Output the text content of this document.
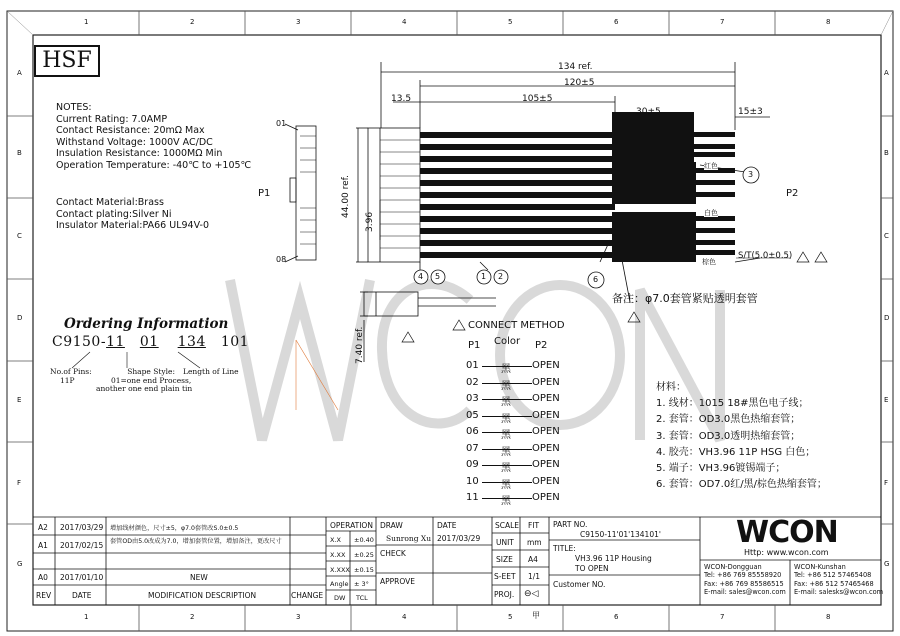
A
B
C
D
E
F
G
A
B
C
D
E
F
G
1	2	3	4	5	6	7	8
1	2	3	4	5	6	7	8
HSF
NOTES:
Current Rating: 7.0AMP
Contact Resistance: 20mΩ Max
Withstand Voltage: 1000V AC/DC
Insulation Resistance: 1000MΩ Min
Operation Temperature: -40℃ to +105℃
Contact Material:Brass
Contact plating:Silver Ni
Insulator Material:PA66 UL94V-0
4 5	1 2
3
6
P1	P2
01
08
134 ref.
120±5
105±5
13.5
30±5	15±3
44.00 ref.
3.96
7.40 ref.
S/T(5.0±0.5)
红色
白色
棕色
备注：φ7.0套管紧贴透明套管
Ordering Information
C9150-11 01 134 101
No.of Pins:
11P
Shape Style:
01=one end Process,
another one end plain tin
Length of Line
CONNECT METHOD
P1 Color P2
01 黑 OPEN
02 黑 OPEN
03 黑 OPEN
05 黑 OPEN
06 黑 OPEN
07 黑 OPEN
09 黑 OPEN
10 黑 OPEN
11 黑 OPEN
材料：
1. 线材：1015 18#黑色电子线；
2. 套管：OD3.0黑色热缩套管；
3. 套管：OD3.0透明热缩套管；
4. 胶壳：VH3.96 11P HSG 白色；
5. 端子：VH3.96镀锡端子；
6. 套管：OD7.0红/黑/棕色热缩套管；
A2 2017/03/29 增加线材颜色，尺寸±5，φ7.0套管改S.0±0.5
A1 2017/02/15 套管OD由5.0改成为7.0，增加套管位置，增加备注，更改尺寸
A0 2017/01/10	NEW
REV	DATE	MODIFICATION DESCRIPTION	CHANGE
OPERATION
X.X ±0.40
X.XX ±0.25
X.XXX ±0.15
Angle ± 3°
DW TCL
DRAW
Sunrong Xu
CHECK
APPROVE
DATE
2017/03/29
SCALE FIT
UNIT mm
SIZE A4
S-EET 1/1
PROJ. ⊖◁
PART NO.
C9150-11'01'134101'
TITLE:
VH3.96 11P Housing
TO OPEN
Customer NO.
WCON
Http: www.wcon.com
WCON-Dongguan
Tel: +86 769 85558920
Fax: +86 769 85586515
E-mail: sales@wcon.com
WCON-Kunshan
Tel: +86 512 57465408
Fax: +86 512 57465468
E-mail: salesks@wcon.com
甲
